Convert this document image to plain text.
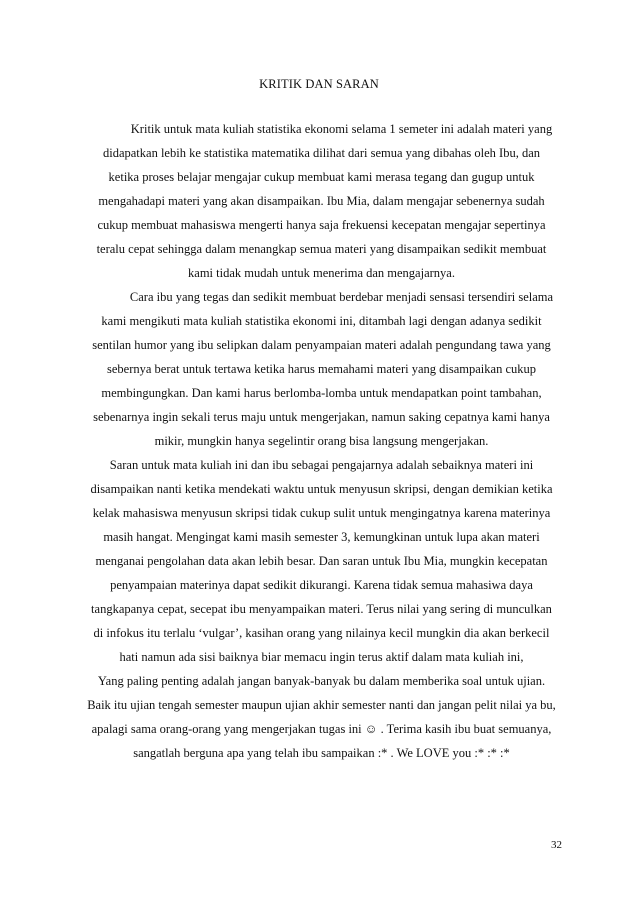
KRITIK DAN SARAN
Kritik untuk mata kuliah statistika ekonomi selama 1 semeter ini adalah materi yang
didapatkan lebih ke statistika matematika dilihat dari semua yang dibahas oleh Ibu, dan
ketika proses belajar mengajar cukup membuat kami merasa tegang dan gugup untuk
mengahadapi materi yang akan disampaikan. Ibu Mia, dalam mengajar sebenernya sudah
cukup membuat mahasiswa mengerti hanya saja frekuensi kecepatan mengajar sepertinya
teralu cepat sehingga dalam menangkap semua materi yang disampaikan sedikit membuat
kami tidak mudah untuk menerima dan mengajarnya.
Cara ibu yang tegas dan sedikit membuat berdebar menjadi sensasi tersendiri selama
kami mengikuti mata kuliah statistika ekonomi ini, ditambah lagi dengan adanya sedikit
sentilan humor yang ibu selipkan dalam penyampaian materi adalah pengundang tawa yang
sebernya berat untuk tertawa ketika harus memahami materi yang disampaikan cukup
membingungkan. Dan kami harus berlomba-lomba untuk mendapatkan point tambahan,
sebenarnya ingin sekali terus maju untuk mengerjakan, namun saking cepatnya kami hanya
mikir, mungkin hanya segelintir orang bisa langsung mengerjakan.
Saran untuk mata kuliah ini dan ibu sebagai pengajarnya adalah sebaiknya materi ini
disampaikan nanti ketika mendekati waktu untuk menyusun skripsi, dengan demikian ketika
kelak mahasiswa menyusun skripsi tidak cukup sulit untuk mengingatnya karena materinya
masih hangat. Mengingat kami masih semester 3, kemungkinan untuk lupa akan materi
menganai pengolahan data akan lebih besar. Dan saran untuk Ibu Mia, mungkin kecepatan
penyampaian materinya dapat sedikit dikurangi. Karena tidak semua mahasiwa daya
tangkapanya cepat, secepat ibu menyampaikan materi. Terus nilai yang sering di munculkan
di infokus itu terlalu ‘vulgar’, kasihan orang yang nilainya kecil mungkin dia akan berkecil
hati namun ada sisi baiknya biar memacu ingin terus aktif dalam mata kuliah ini,
Yang paling penting adalah jangan banyak-banyak bu dalam memberika soal untuk ujian.
Baik itu ujian tengah semester maupun ujian akhir semester nanti dan jangan pelit nilai ya bu,
apalagi sama orang-orang yang mengerjakan tugas ini ☺ . Terima kasih ibu buat semuanya,
sangatlah berguna apa yang telah ibu sampaikan :* . We LOVE you :* :* :*
32
